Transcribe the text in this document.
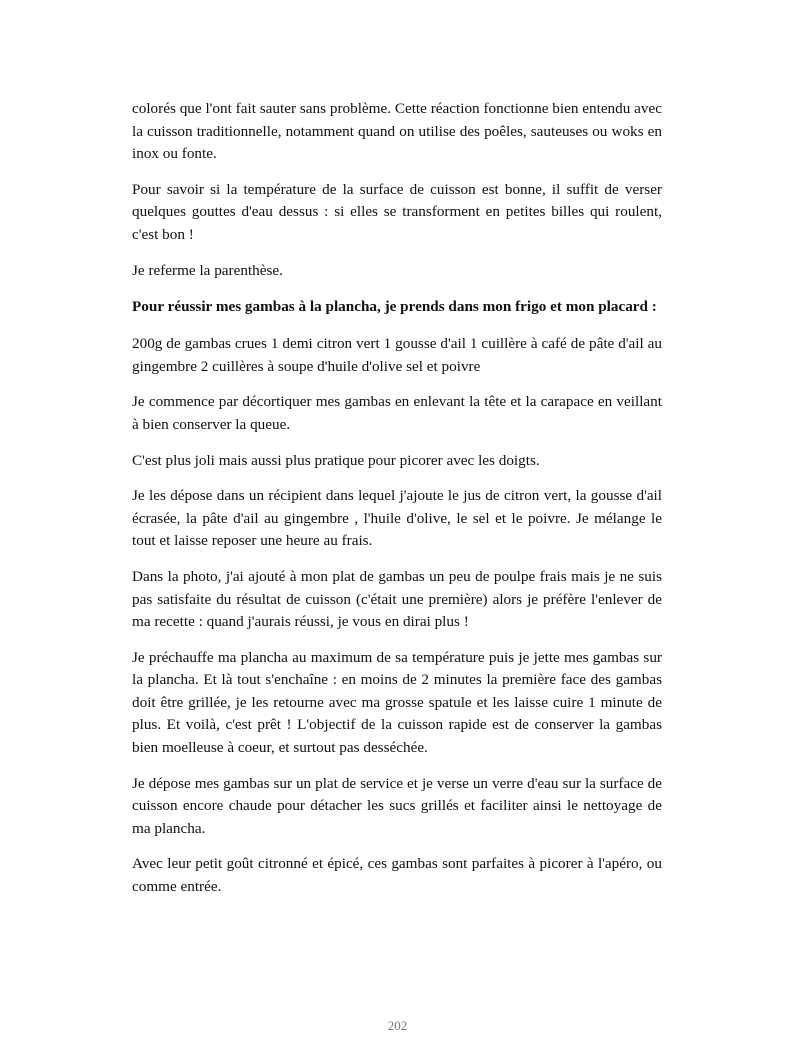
colorés que l'ont fait sauter sans problème. Cette réaction fonctionne bien entendu avec la cuisson traditionnelle, notamment quand on utilise des poêles, sauteuses ou woks en inox ou fonte.

Pour savoir si la température de la surface de cuisson est bonne, il suffit de verser quelques gouttes d'eau dessus : si elles se transforment en petites billes qui roulent, c'est bon !

Je referme la parenthèse.

Pour réussir mes gambas à la plancha, je prends dans mon frigo et mon placard :

200g de gambas crues 1 demi citron vert 1 gousse d'ail 1 cuillère à café de pâte d'ail au gingembre 2 cuillères à soupe d'huile d'olive sel et poivre

Je commence par décortiquer mes gambas en enlevant la tête et la carapace en veillant à bien conserver la queue.

C'est plus joli mais aussi plus pratique pour picorer avec les doigts.

Je les dépose dans un récipient dans lequel j'ajoute le jus de citron vert, la gousse d'ail écrasée, la pâte d'ail au gingembre , l'huile d'olive, le sel et le poivre. Je mélange le tout et laisse reposer une heure au frais.

Dans la photo, j'ai ajouté à mon plat de gambas un peu de poulpe frais mais je ne suis pas satisfaite du résultat de cuisson (c'était une première) alors je préfère l'enlever de ma recette : quand j'aurais réussi, je vous en dirai plus !

Je préchauffe ma plancha au maximum de sa température puis je jette mes gambas sur la plancha. Et là tout s'enchaîne : en moins de 2 minutes la première face des gambas doit être grillée, je les retourne avec ma grosse spatule et les laisse cuire 1 minute de plus. Et voilà, c'est prêt ! L'objectif de la cuisson rapide est de conserver la gambas bien moelleuse à coeur, et surtout pas desséchée.

Je dépose mes gambas sur un plat de service et je verse un verre d'eau sur la surface de cuisson encore chaude pour détacher les sucs grillés et faciliter ainsi le nettoyage de ma plancha.

Avec leur petit goût citronné et épicé, ces gambas sont parfaites à picorer à l'apéro, ou comme entrée.

202
